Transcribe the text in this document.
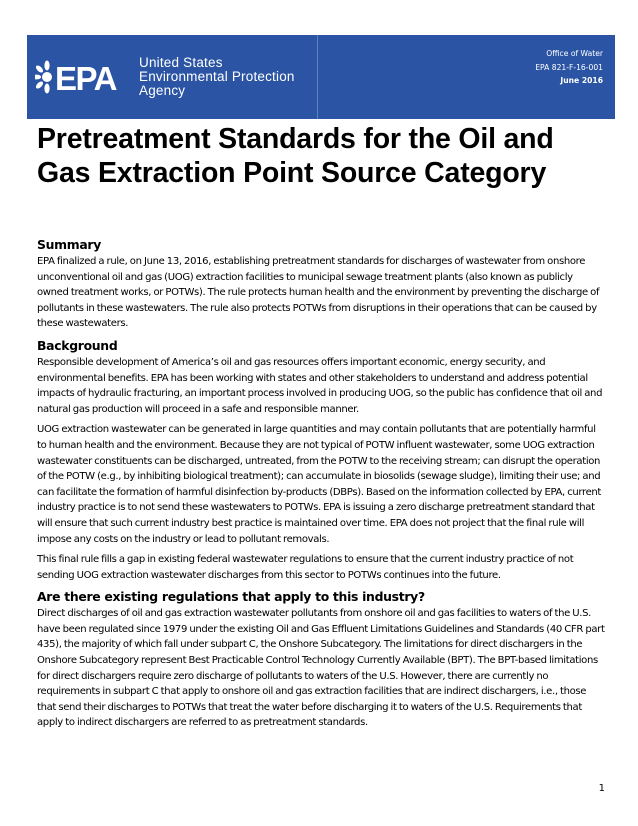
EPA United States
Environmental Protection
Agency
Office of Water
EPA 821-F-16-001
June 2016
Pretreatment Standards for the Oil and Gas Extraction Point Source Category
Summary

EPA finalized a rule, on June 13, 2016, establishing pretreatment standards for discharges of wastewater from onshore unconventional oil and gas (UOG) extraction facilities to municipal sewage treatment plants (also known as publicly owned treatment works, or POTWs). The rule protects human health and the environment by preventing the discharge of pollutants in these wastewaters. The rule also protects POTWs from disruptions in their operations that can be caused by these wastewaters.

Background

Responsible development of America’s oil and gas resources offers important economic, energy security, and environmental benefits. EPA has been working with states and other stakeholders to understand and address potential impacts of hydraulic fracturing, an important process involved in producing UOG, so the public has confidence that oil and natural gas production will proceed in a safe and responsible manner.

UOG extraction wastewater can be generated in large quantities and may contain pollutants that are potentially harmful to human health and the environment. Because they are not typical of POTW influent wastewater, some UOG extraction wastewater constituents can be discharged, untreated, from the POTW to the receiving stream; can disrupt the operation of the POTW (e.g., by inhibiting biological treatment); can accumulate in biosolids (sewage sludge), limiting their use; and can facilitate the formation of harmful disinfection by-products (DBPs). Based on the information collected by EPA, current industry practice is to not send these wastewaters to POTWs. EPA is issuing a zero discharge pretreatment standard that will ensure that such current industry best practice is maintained over time. EPA does not project that the final rule will impose any costs on the industry or lead to pollutant removals.

This final rule fills a gap in existing federal wastewater regulations to ensure that the current industry practice of not sending UOG extraction wastewater discharges from this sector to POTWs continues into the future.

Are there existing regulations that apply to this industry?

Direct discharges of oil and gas extraction wastewater pollutants from onshore oil and gas facilities to waters of the U.S. have been regulated since 1979 under the existing Oil and Gas Effluent Limitations Guidelines and Standards (40 CFR part 435), the majority of which fall under subpart C, the Onshore Subcategory. The limitations for direct dischargers in the Onshore Subcategory represent Best Practicable Control Technology Currently Available (BPT). The BPT-based limitations for direct dischargers require zero discharge of pollutants to waters of the U.S. However, there are currently no requirements in subpart C that apply to onshore oil and gas extraction facilities that are indirect dischargers, i.e., those that send their discharges to POTWs that treat the water before discharging it to waters of the U.S. Requirements that apply to indirect dischargers are referred to as pretreatment standards.

1
